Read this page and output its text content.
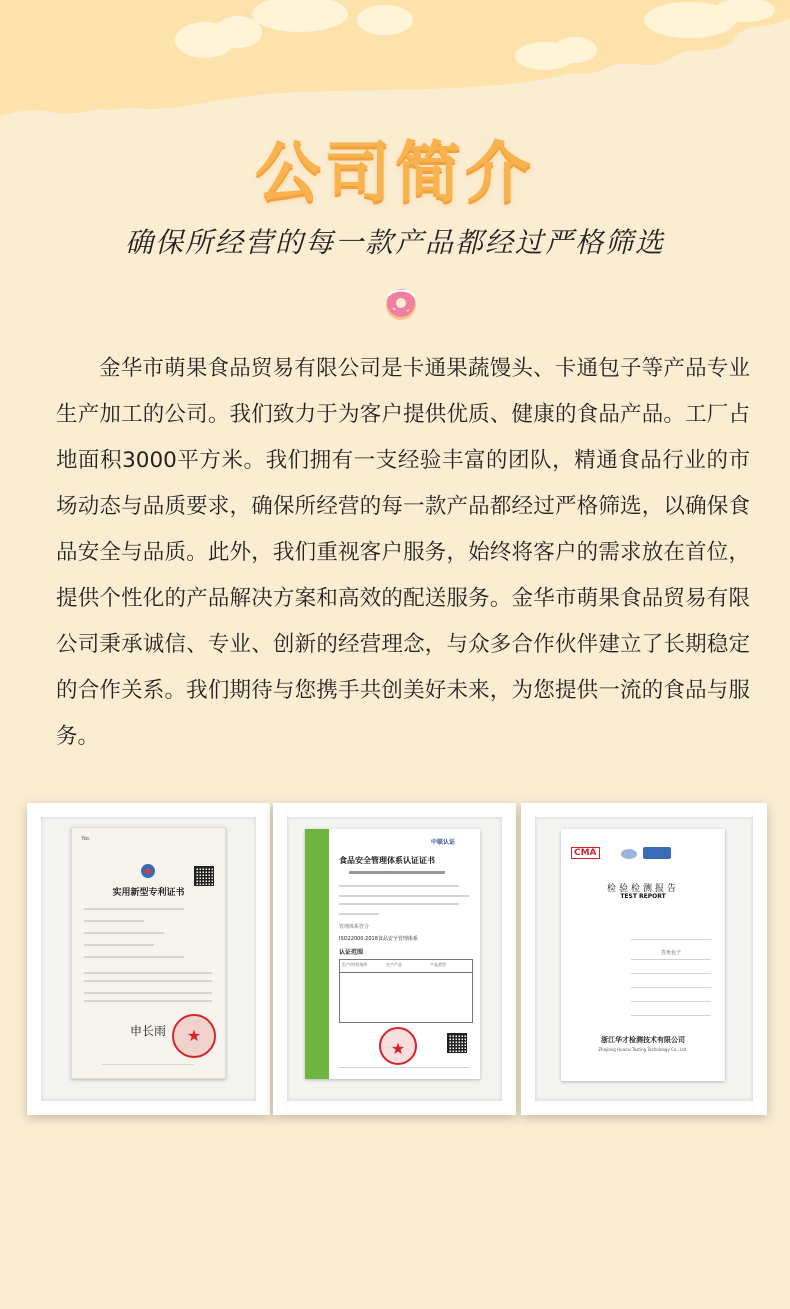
公司简介
确保所经营的每一款产品都经过严格筛选

金华市萌果食品贸易有限公司是卡通果蔬馒头、卡通包子等产品专业生产加工的公司。我们致力于为客户提供优质、健康的食品产品。工厂占地面积3000平方米。我们拥有一支经验丰富的团队，精通食品行业的市场动态与品质要求，确保所经营的每一款产品都经过严格筛选，以确保食品安全与品质。此外，我们重视客户服务，始终将客户的需求放在首位，提供个性化的产品解决方案和高效的配送服务。金华市萌果食品贸易有限公司秉承诚信、专业、创新的经营理念，与众多合作伙伴建立了长期稳定的合作关系。我们期待与您携手共创美好未来，为您提供一流的食品与服务。

No.
实用新型专利证书
申长雨
★
中联认证
食品安全管理体系认证证书
管理体系符合
ISO22000:2018食品安全管理体系
认证范围
生产/经营场所	生产产品	产品类型
★
CMA
检验检测报告
TEST REPORT
卷角包子
浙江华才检测技术有限公司
Zhejiang Huacai Testing Technology Co., Ltd.
